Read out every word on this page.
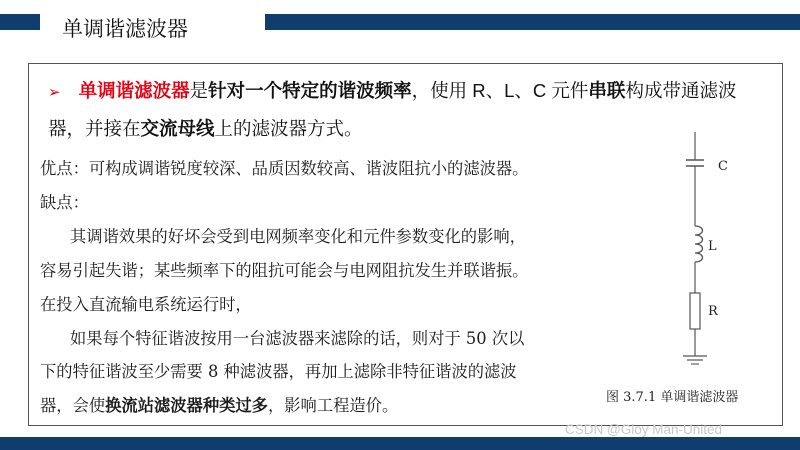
单调谐滤波器
➢ 单调谐滤波器是针对一个特定的谐波频率，使用 R、L、C 元件串联构成带通滤波器，并接在交流母线上的滤波器方式。
优点：可构成调谐锐度较深、品质因数较高、谐波阻抗小的滤波器。
缺点：
其调谐效果的好坏会受到电网频率变化和元件参数变化的影响，
容易引起失谐；某些频率下的阻抗可能会与电网阻抗发生并联谐振。
在投入直流输电系统运行时，
如果每个特征谐波按用一台滤波器来滤除的话，则对于 50 次以
下的特征谐波至少需要 8 种滤波器，再加上滤除非特征谐波的滤波
器，会使换流站滤波器种类过多，影响工程造价。
C
L
R
图 3.7.1 单调谐滤波器
CSDN @Gloy Man-United
